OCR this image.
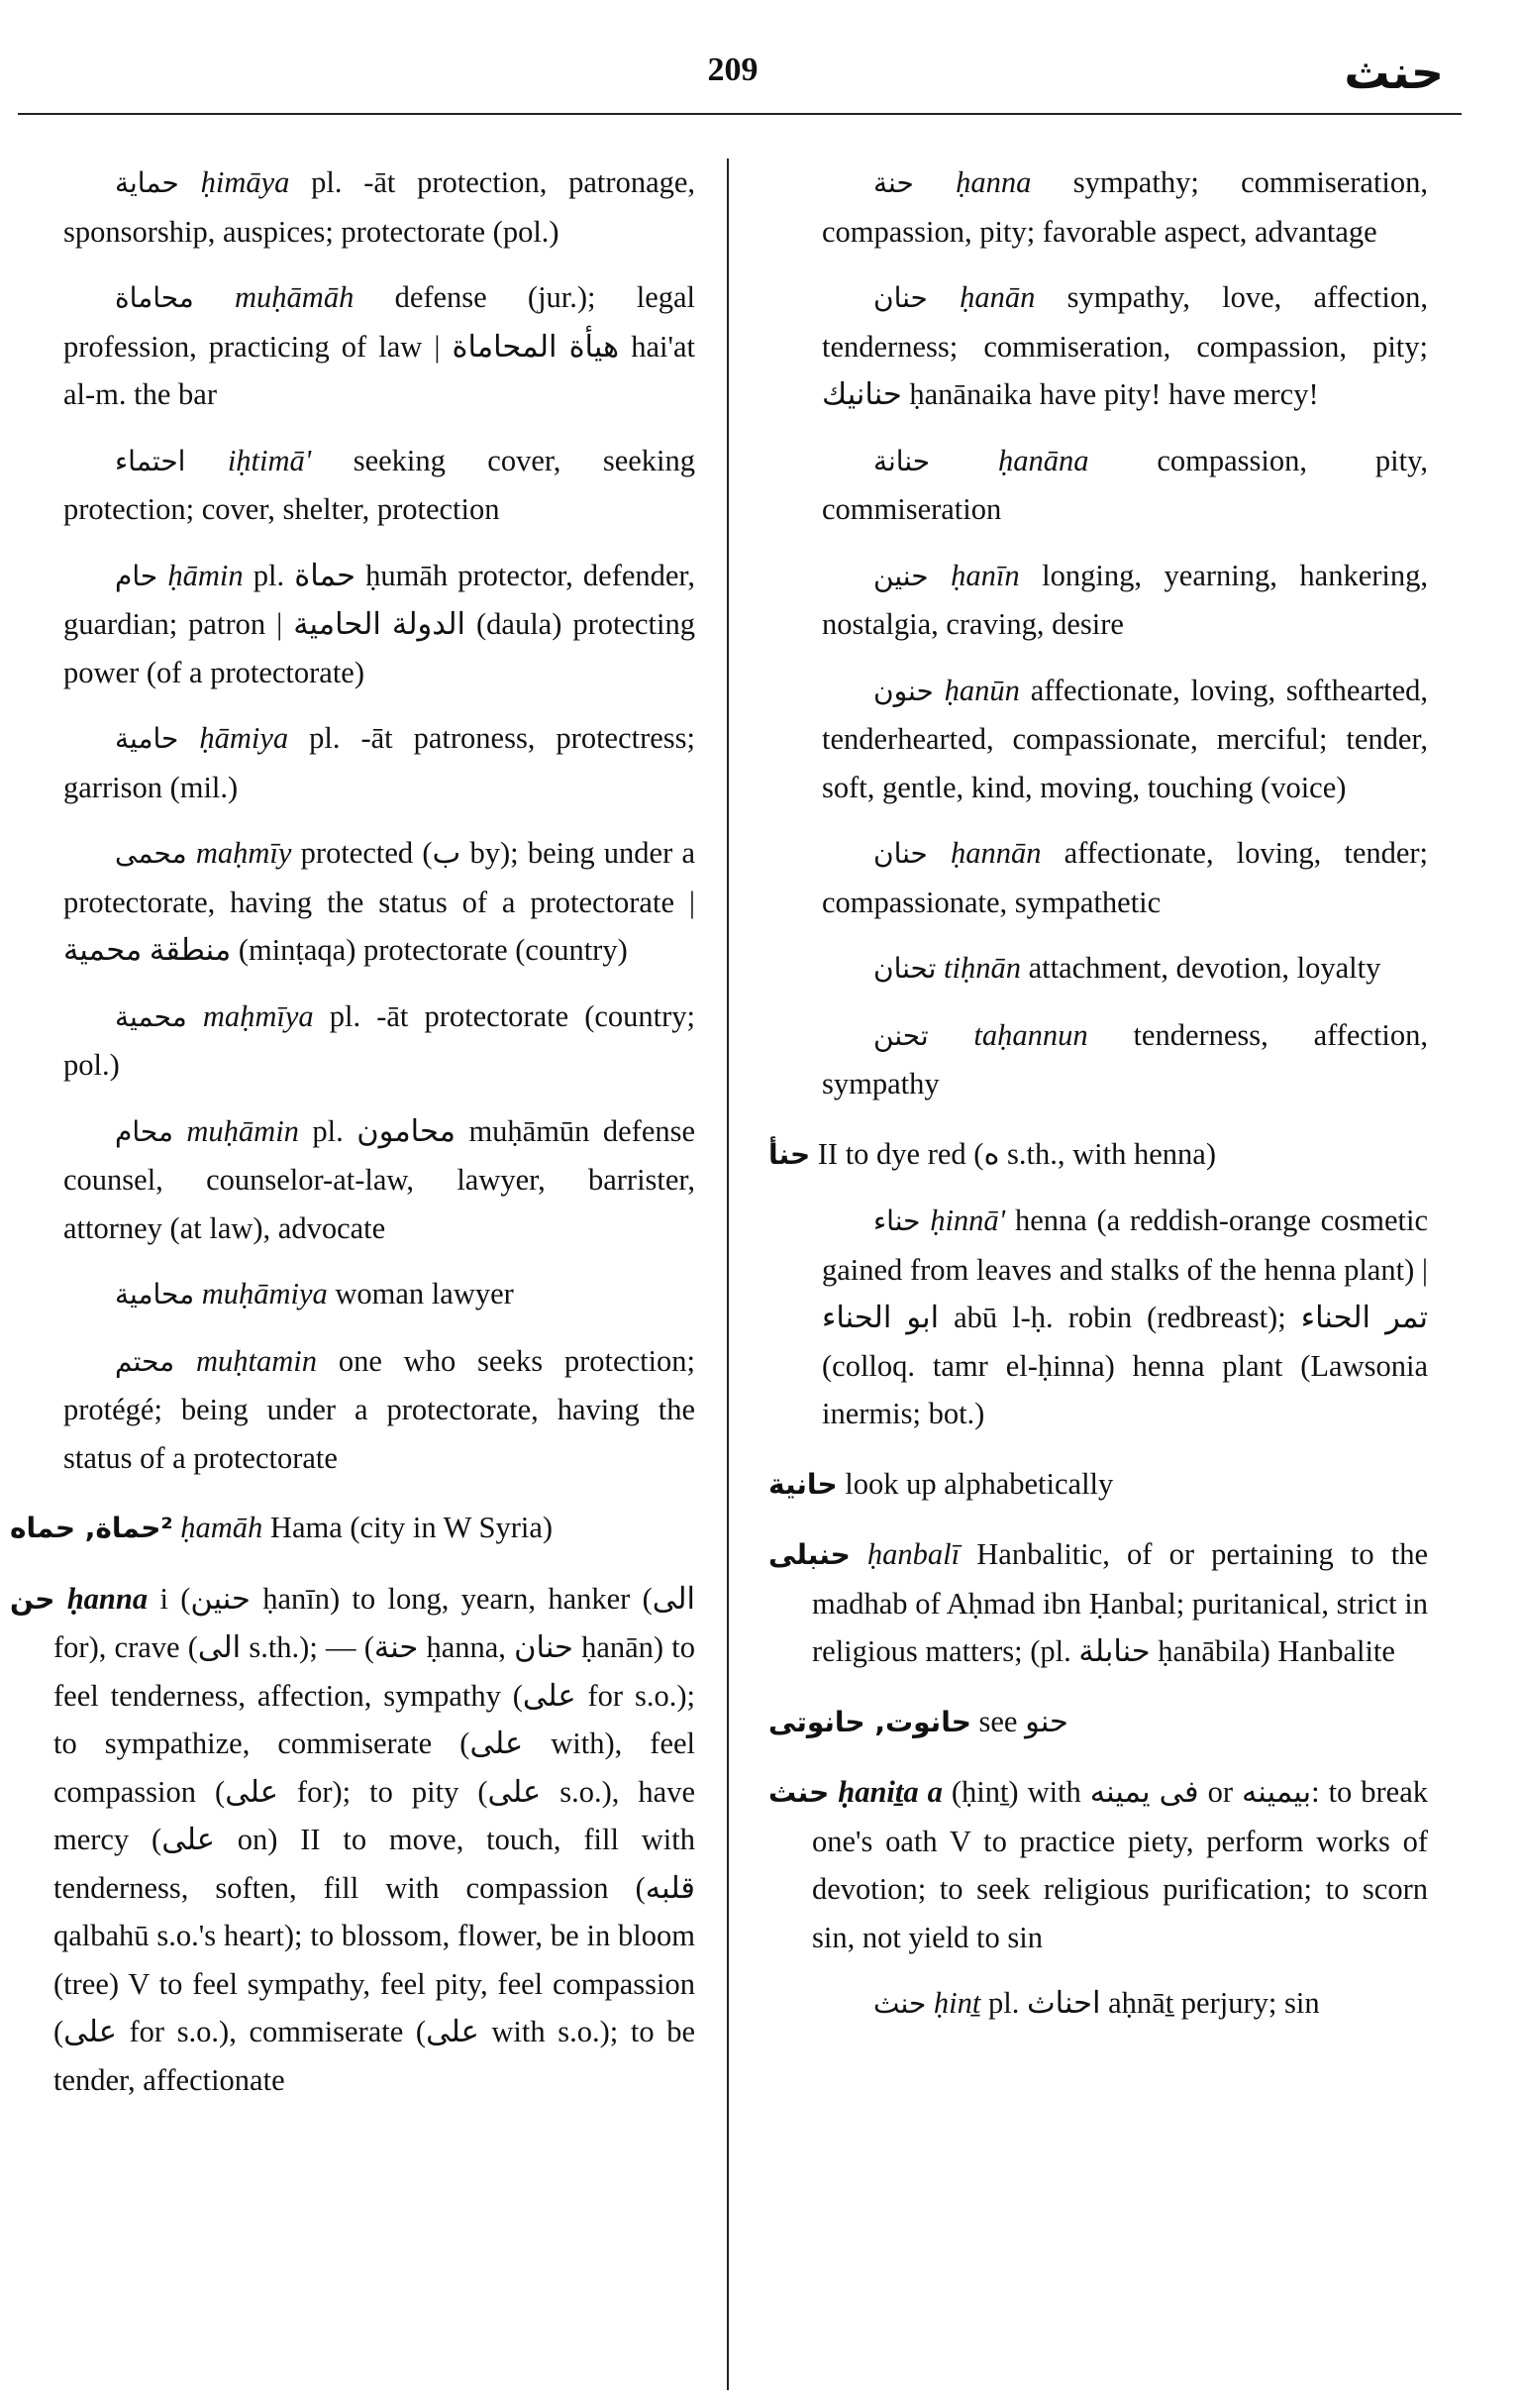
209	حنث

حماية ḥimāya pl. -āt protection, patronage, sponsorship, auspices; protectorate (pol.)

محاماة muḥāmāh defense (jur.); legal profession, practicing of law | هيأة المحاماة hai'at al-m. the bar

احتماء iḥtimā' seeking cover, seeking protection; cover, shelter, protection

حام ḥāmin pl. حماة ḥumāh protector, defender, guardian; patron | الدولة الحامية (daula) protecting power (of a protectorate)

حامية ḥāmiya pl. -āt patroness, protectress; garrison (mil.)

محمى maḥmīy protected (ب by); being under a protectorate, having the status of a protectorate | منطقة محمية (minṭaqa) protectorate (country)

محمية maḥmīya pl. -āt protectorate (country; pol.)

محام muḥāmin pl. محامون muḥāmūn defense counsel, counselor-at-law, lawyer, barrister, attorney (at law), advocate

محامية muḥāmiya woman lawyer

محتم muḥtamin one who seeks protection; protégé; being under a protectorate, having the status of a protectorate

²حماة, حماه ḥamāh Hama (city in W Syria)

حن ḥanna i (حنين ḥanīn) to long, yearn, hanker (الى for), crave (الى s.th.); — (حنة ḥanna, حنان ḥanān) to feel tenderness, affection, sympathy (على for s.o.); to sympathize, commiserate (على with), feel compassion (على for); to pity (على s.o.), have mercy (على on) II to move, touch, fill with tenderness, soften, fill with compassion (قلبه qalbahū s.o.'s heart); to blossom, flower, be in bloom (tree) V to feel sympathy, feel pity, feel compassion (على for s.o.), commiserate (على with s.o.); to be tender, affectionate

حنة ḥanna sympathy; commiseration, compassion, pity; favorable aspect, advantage

حنان ḥanān sympathy, love, affection, tenderness; commiseration, compassion, pity; حنانيك ḥanānaika have pity! have mercy!

حنانة ḥanāna compassion, pity, commiseration

حنين ḥanīn longing, yearning, hankering, nostalgia, craving, desire

حنون ḥanūn affectionate, loving, softhearted, tenderhearted, compassionate, merciful; tender, soft, gentle, kind, moving, touching (voice)

حنان ḥannān affectionate, loving, tender; compassionate, sympathetic

تحنان tiḥnān attachment, devotion, loyalty

تحنن taḥannun tenderness, affection, sympathy

حنأ II to dye red (ه s.th., with henna)

حناء ḥinnā' henna (a reddish-orange cosmetic gained from leaves and stalks of the henna plant) | ابو الحناء abū l-ḥ. robin (redbreast); تمر الحناء (colloq. tamr el-ḥinna) henna plant (Lawsonia inermis; bot.)

حانية look up alphabetically

حنبلى ḥanbalī Hanbalitic, of or pertaining to the madhab of Aḥmad ibn Ḥanbal; puritanical, strict in religious matters; (pl. حنابلة ḥanābila) Hanbalite

حانوت, حانوتى see حنو

حنث ḥaniṯa a (ḥinṯ) with فى يمينه or بيمينه: to break one's oath V to practice piety, perform works of devotion; to seek religious purification; to scorn sin, not yield to sin

حنث ḥinṯ pl. احناث aḥnāṯ perjury; sin
